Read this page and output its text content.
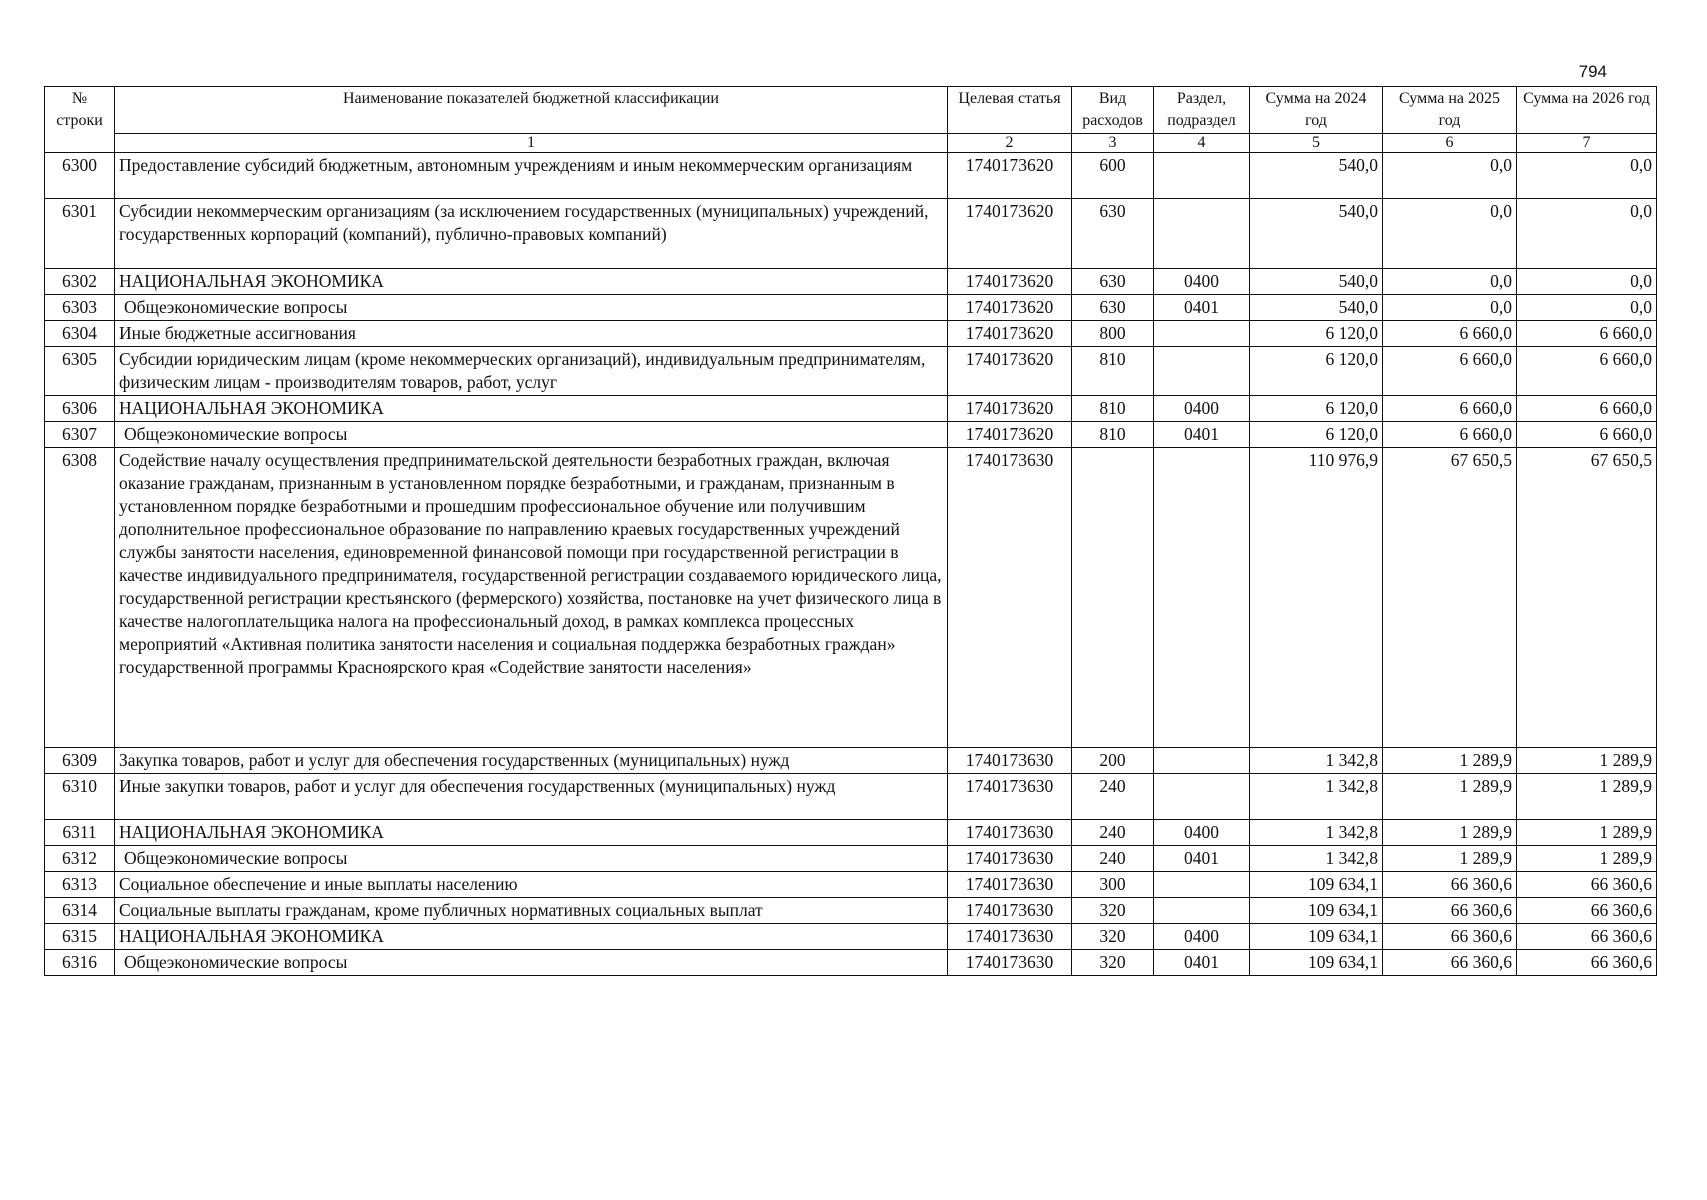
794
№ строки	Наименование показателей бюджетной классификации	Целевая статья	Вид расходов	Раздел, подраздел	Сумма на 2024 год	Сумма на 2025 год	Сумма на 2026 год
	1	2	3	4	5	6	7
6300	Предоставление субсидий бюджетным, автономным учреждениям и иным некоммерческим организациям	1740173620	600		540,0	0,0	0,0
6301	Субсидии некоммерческим организациям (за исключением государственных (муниципальных) учреждений, государственных корпораций (компаний), публично-правовых компаний)	1740173620	630		540,0	0,0	0,0
6302	НАЦИОНАЛЬНАЯ ЭКОНОМИКА	1740173620	630	0400	540,0	0,0	0,0
6303	Общеэкономические вопросы	1740173620	630	0401	540,0	0,0	0,0
6304	Иные бюджетные ассигнования	1740173620	800		6 120,0	6 660,0	6 660,0
6305	Субсидии юридическим лицам (кроме некоммерческих организаций), индивидуальным предпринимателям, физическим лицам - производителям товаров, работ, услуг	1740173620	810		6 120,0	6 660,0	6 660,0
6306	НАЦИОНАЛЬНАЯ ЭКОНОМИКА	1740173620	810	0400	6 120,0	6 660,0	6 660,0
6307	Общеэкономические вопросы	1740173620	810	0401	6 120,0	6 660,0	6 660,0
6308	Содействие началу осуществления предпринимательской деятельности безработных граждан, включая оказание гражданам, признанным в установленном порядке безработными, и гражданам, признанным в установленном порядке безработными и прошедшим профессиональное обучение или получившим дополнительное профессиональное образование по направлению краевых государственных учреждений службы занятости населения, единовременной финансовой помощи при государственной регистрации в качестве индивидуального предпринимателя, государственной регистрации создаваемого юридического лица, государственной регистрации крестьянского (фермерского) хозяйства, постановке на учет физического лица в качестве налогоплательщика налога на профессиональный доход, в рамках комплекса процессных мероприятий «Активная политика занятости населения и социальная поддержка безработных граждан» государственной программы Красноярского края «Содействие занятости населения»	1740173630			110 976,9	67 650,5	67 650,5
6309	Закупка товаров, работ и услуг для обеспечения государственных (муниципальных) нужд	1740173630	200		1 342,8	1 289,9	1 289,9
6310	Иные закупки товаров, работ и услуг для обеспечения государственных (муниципальных) нужд	1740173630	240		1 342,8	1 289,9	1 289,9
6311	НАЦИОНАЛЬНАЯ ЭКОНОМИКА	1740173630	240	0400	1 342,8	1 289,9	1 289,9
6312	Общеэкономические вопросы	1740173630	240	0401	1 342,8	1 289,9	1 289,9
6313	Социальное обеспечение и иные выплаты населению	1740173630	300		109 634,1	66 360,6	66 360,6
6314	Социальные выплаты гражданам, кроме публичных нормативных социальных выплат	1740173630	320		109 634,1	66 360,6	66 360,6
6315	НАЦИОНАЛЬНАЯ ЭКОНОМИКА	1740173630	320	0400	109 634,1	66 360,6	66 360,6
6316	Общеэкономические вопросы	1740173630	320	0401	109 634,1	66 360,6	66 360,6
